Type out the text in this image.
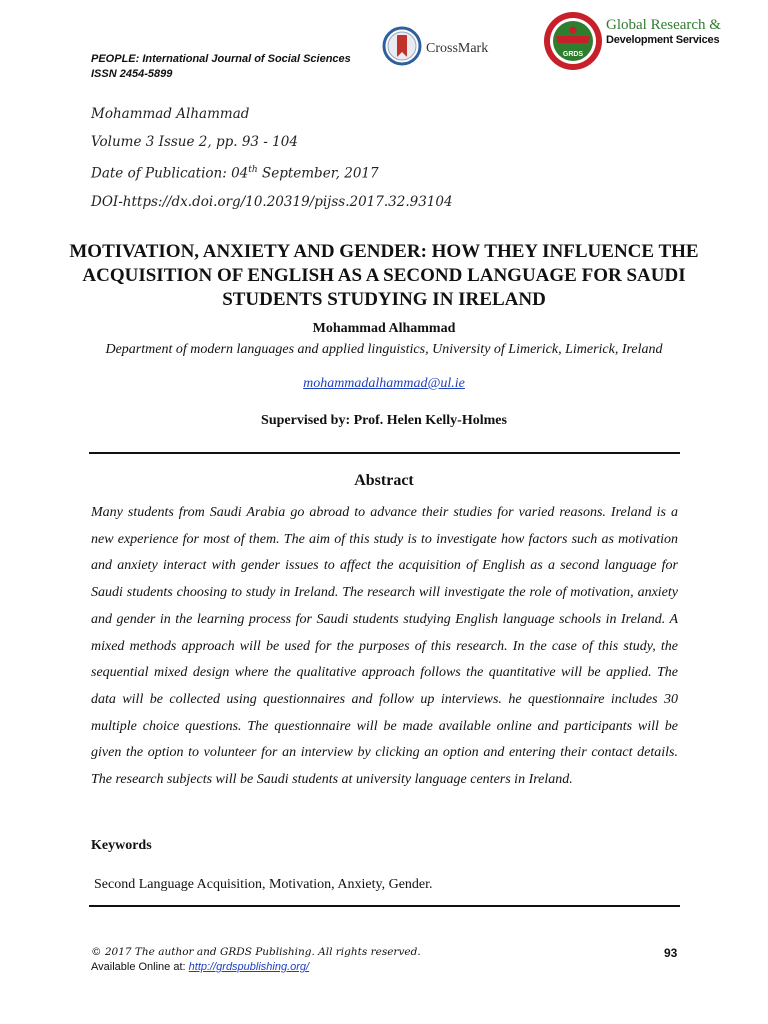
PEOPLE: International Journal of Social Sciences
ISSN 2454-5899
CrossMark	GRDS
Global Research &
Development Services
Mohammad Alhammad
Volume 3 Issue 2, pp. 93 - 104
Date of Publication: 04th September, 2017
DOI-https://dx.doi.org/10.20319/pijss.2017.32.93104
MOTIVATION, ANXIETY AND GENDER: HOW THEY INFLUENCE THE ACQUISITION OF ENGLISH AS A SECOND LANGUAGE FOR SAUDI STUDENTS STUDYING IN IRELAND
Mohammad Alhammad
Department of modern languages and applied linguistics, University of Limerick, Limerick, Ireland
mohammadalhammad@ul.ie
Supervised by: Prof. Helen Kelly-Holmes
Abstract

Many students from Saudi Arabia go abroad to advance their studies for varied reasons. Ireland is a new experience for most of them. The aim of this study is to investigate how factors such as motivation and anxiety interact with gender issues to affect the acquisition of English as a second language for Saudi students choosing to study in Ireland. The research will investigate the role of motivation, anxiety and gender in the learning process for Saudi students studying English language schools in Ireland. A mixed methods approach will be used for the purposes of this research. In the case of this study, the sequential mixed design where the qualitative approach follows the quantitative will be applied. The data will be collected using questionnaires and follow up interviews. he questionnaire includes 30 multiple choice questions. The questionnaire will be made available online and participants will be given the option to volunteer for an interview by clicking an option and entering their contact details. The research subjects will be Saudi students at university language centers in Ireland.

Keywords
Second Language Acquisition, Motivation, Anxiety, Gender.
© 2017 The author and GRDS Publishing. All rights reserved.
Available Online at: http://grdspublishing.org/
93
